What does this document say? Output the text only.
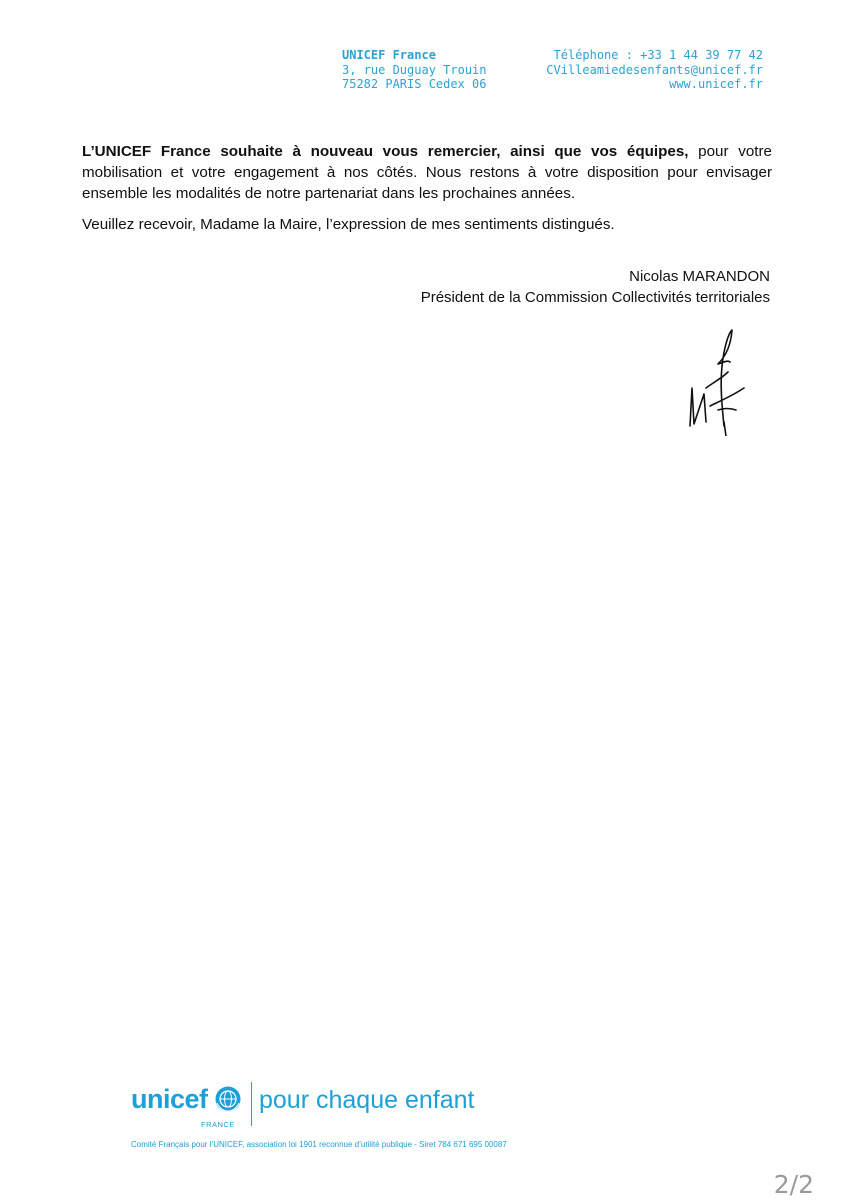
UNICEF France
3, rue Duguay Trouin
75282 PARIS Cedex 06
Téléphone : +33 1 44 39 77 42
CVilleamiedesenfants@unicef.fr
www.unicef.fr

L’UNICEF France souhaite à nouveau vous remercier, ainsi que vos équipes, pour votre mobilisation et votre engagement à nos côtés. Nous restons à votre disposition pour envisager ensemble les modalités de notre partenariat dans les prochaines années.

Veuillez recevoir, Madame la Maire, l’expression de mes sentiments distingués.

Nicolas MARANDON
Président de la Commission Collectivités territoriales
unicef pour chaque enfant
FRANCE
Comité Français pour l’UNICEF, association loi 1901 reconnue d’utilité publique - Siret 784 671 695 00087
2/2
